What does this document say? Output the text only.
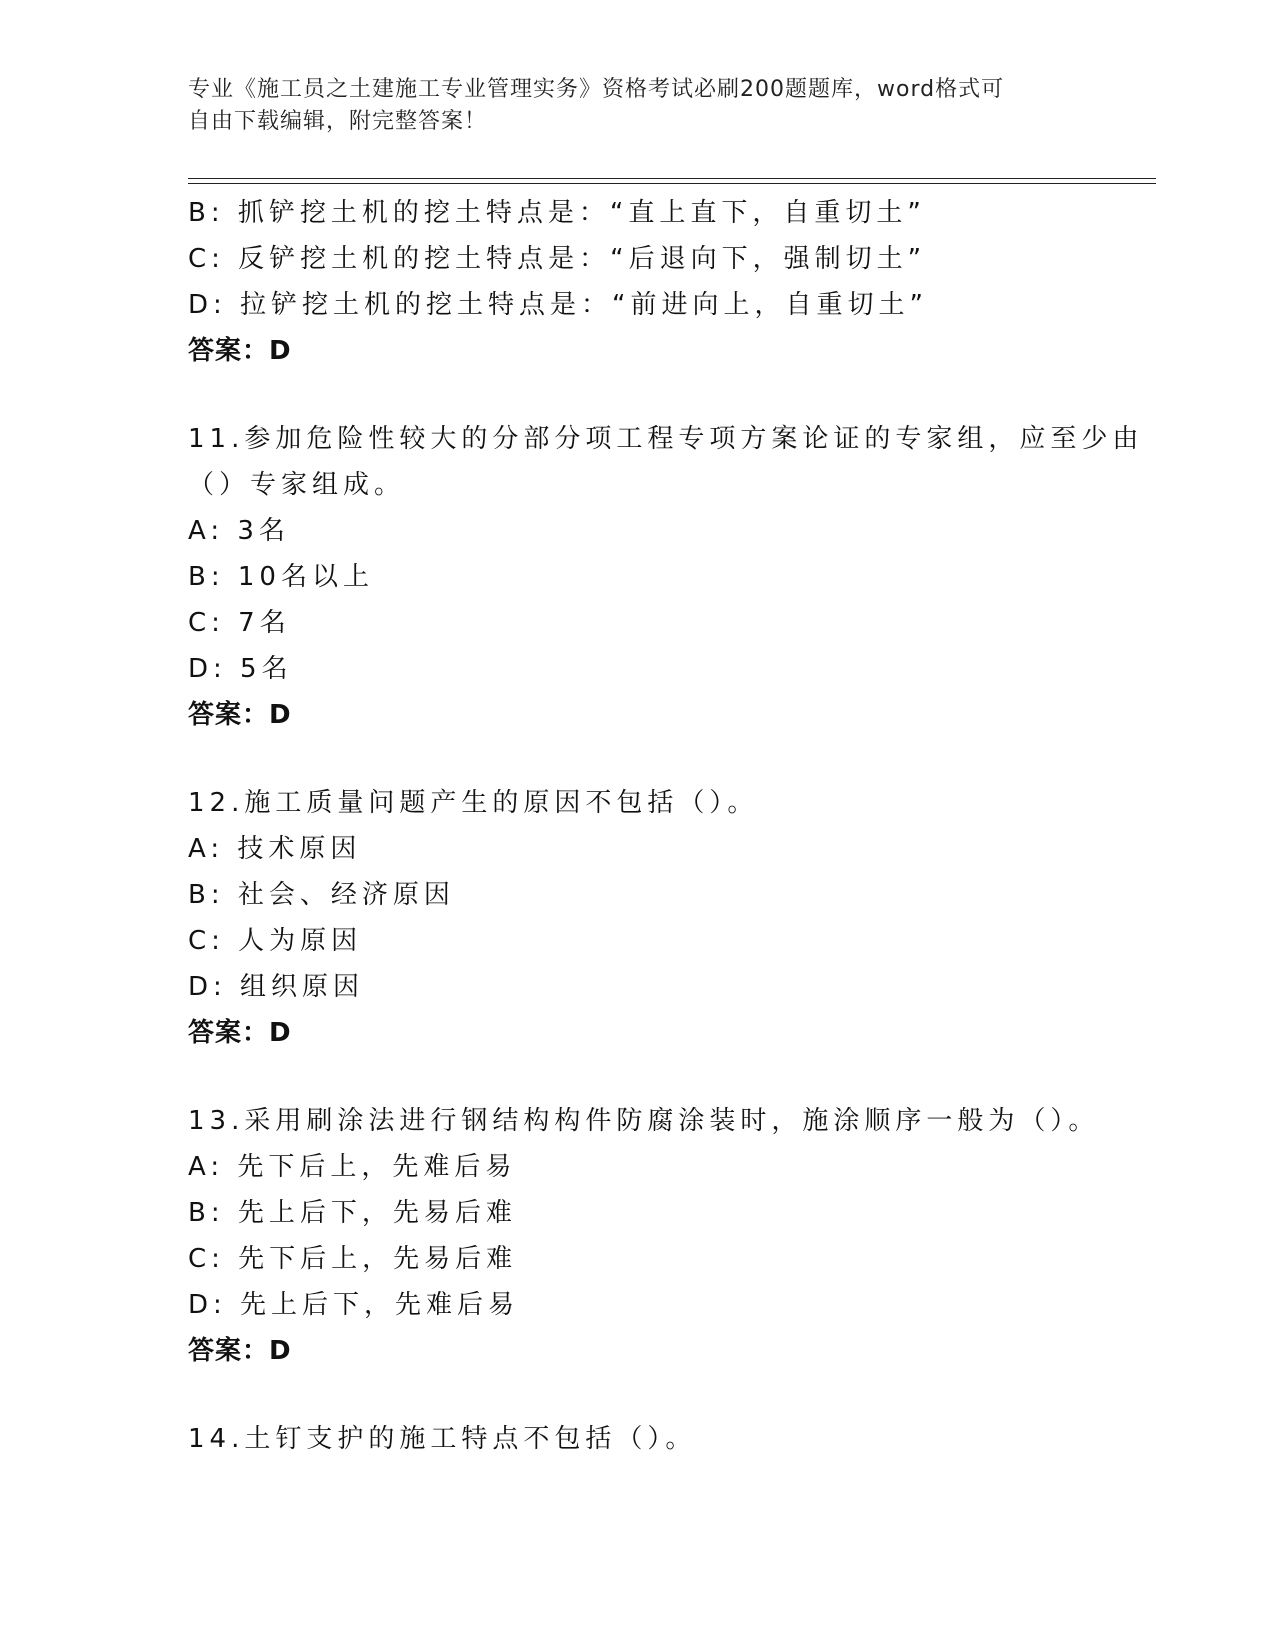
专业《施工员之土建施工专业管理实务》资格考试必刷200题题库，word格式可
自由下载编辑，附完整答案！
B: 抓铲挖土机的挖土特点是：“直上直下，自重切土”
C: 反铲挖土机的挖土特点是：“后退向下，强制切土”
D: 拉铲挖土机的挖土特点是：“前进向上，自重切土”
答案：D
11.参加危险性较大的分部分项工程专项方案论证的专家组，应至少由
（）专家组成。
A: 3名
B: 10名以上
C: 7名
D: 5名
答案：D
12.施工质量问题产生的原因不包括（）。
A: 技术原因
B: 社会、经济原因
C: 人为原因
D: 组织原因
答案：D
13.采用刷涂法进行钢结构构件防腐涂装时，施涂顺序一般为（）。
A: 先下后上，先难后易
B: 先上后下，先易后难
C: 先下后上，先易后难
D: 先上后下，先难后易
答案：D
14.土钉支护的施工特点不包括（）。
